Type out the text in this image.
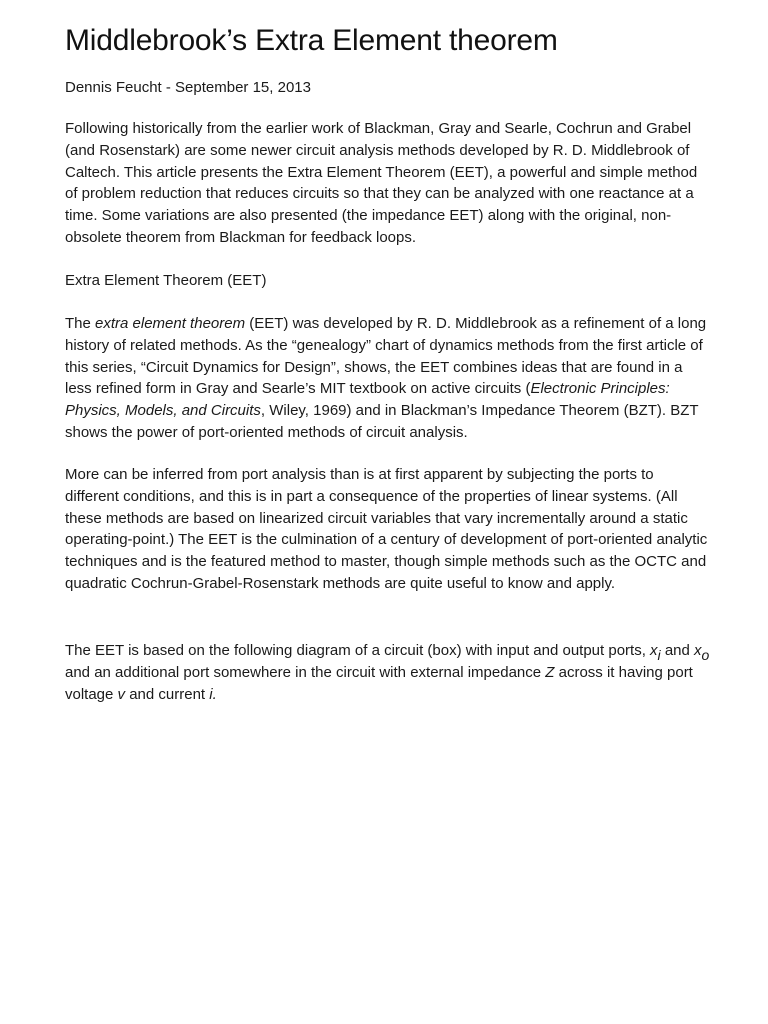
Middlebrook’s Extra Element theorem
Dennis Feucht - September 15, 2013

Following historically from the earlier work of Blackman, Gray and Searle, Cochrun and Grabel (and Rosenstark) are some newer circuit analysis methods developed by R. D. Middlebrook of Caltech. This article presents the Extra Element Theorem (EET), a powerful and simple method of problem reduction that reduces circuits so that they can be analyzed with one reactance at a time. Some variations are also presented (the impedance EET) along with the original, non-obsolete theorem from Blackman for feedback loops.

Extra Element Theorem (EET)

The extra element theorem (EET) was developed by R. D. Middlebrook as a refinement of a long history of related methods. As the “genealogy” chart of dynamics methods from the first article of this series, “Circuit Dynamics for Design”, shows, the EET combines ideas that are found in a less refined form in Gray and Searle’s MIT textbook on active circuits (Electronic Principles: Physics, Models, and Circuits, Wiley, 1969) and in Blackman’s Impedance Theorem (BZT). BZT shows the power of port-oriented methods of circuit analysis.

More can be inferred from port analysis than is at first apparent by subjecting the ports to different conditions, and this is in part a consequence of the properties of linear systems. (All these methods are based on linearized circuit variables that vary incrementally around a static operating-point.) The EET is the culmination of a century of development of port-oriented analytic techniques and is the featured method to master, though simple methods such as the OCTC and quadratic Cochrun-Grabel-Rosenstark methods are quite useful to know and apply.

The EET is based on the following diagram of a circuit (box) with input and output ports, $x_i$ and $x_o$ and an additional port somewhere in the circuit with external impedance Z across it having port voltage v and current i.
